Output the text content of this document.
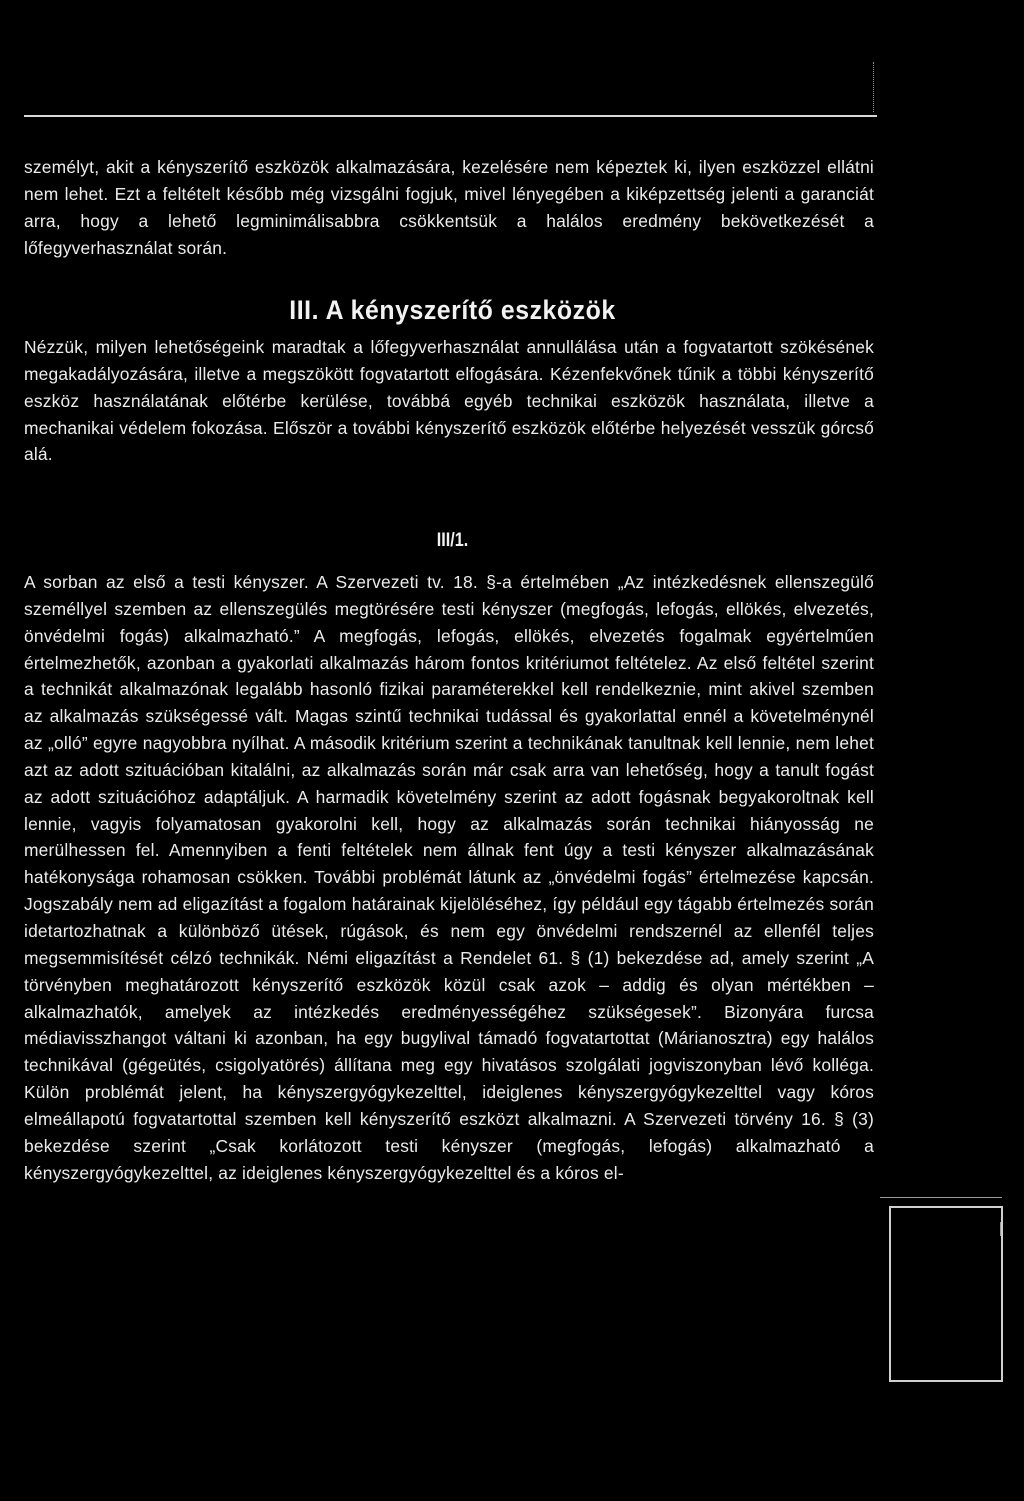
személyt, akit a kényszerítő eszközök alkalmazására, kezelésére nem képeztek ki, ilyen eszközzel ellátni nem lehet. Ezt a feltételt később még vizsgálni fogjuk, mivel lényegében a kiképzettség jelenti a garanciát arra, hogy a lehető legminimálisabbra csökkentsük a halálos eredmény bekövetkezését a lőfegyverhasználat során.

III. A kényszerítő eszközök

Nézzük, milyen lehetőségeink maradtak a lőfegyverhasználat annullálása után a fogvatartott szökésének megakadályozására, illetve a megszökött fogvatartott elfogására. Kézenfekvőnek tűnik a többi kényszerítő eszköz használatának előtérbe kerülése, továbbá egyéb technikai eszközök használata, illetve a mechanikai védelem fokozása. Először a további kényszerítő eszközök előtérbe helyezését vesszük górcső alá.

III/1.

A sorban az első a testi kényszer. A Szervezeti tv. 18. §-a értelmében „Az intézkedésnek ellenszegülő személlyel szemben az ellenszegülés megtörésére testi kényszer (megfogás, lefogás, ellökés, elvezetés, önvédelmi fogás) alkalmazható.” A megfogás, lefogás, ellökés, elvezetés fogalmak egyértelműen értelmezhetők, azonban a gyakorlati alkalmazás három fontos kritériumot feltételez. Az első feltétel szerint a technikát alkalmazónak legalább hasonló fizikai paraméterekkel kell rendelkeznie, mint akivel szemben az alkalmazás szükségessé vált. Magas szintű technikai tudással és gyakorlattal ennél a követelménynél az „olló” egyre nagyobbra nyílhat. A második kritérium szerint a technikának tanultnak kell lennie, nem lehet azt az adott szituációban kitalálni, az alkalmazás során már csak arra van lehetőség, hogy a tanult fogást az adott szituációhoz adaptáljuk. A harmadik követelmény szerint az adott fogásnak begyakoroltnak kell lennie, vagyis folyamatosan gyakorolni kell, hogy az alkalmazás során technikai hiányosság ne merülhessen fel. Amennyiben a fenti feltételek nem állnak fent úgy a testi kényszer alkalmazásának hatékonysága rohamosan csökken. További problémát látunk az „önvédelmi fogás” értelmezése kapcsán. Jogszabály nem ad eligazítást a fogalom határainak kijelöléséhez, így például egy tágabb értelmezés során idetartozhatnak a különböző ütések, rúgások, és nem egy önvédelmi rendszernél az ellenfél teljes megsemmisítését célzó technikák. Némi eligazítást a Rendelet 61. § (1) bekezdése ad, amely szerint „A törvényben meghatározott kényszerítő eszközök közül csak azok – addig és olyan mértékben – alkalmazhatók, amelyek az intézkedés eredményességéhez szükségesek”. Bizonyára furcsa médiavisszhangot váltani ki azonban, ha egy bugylival támadó fogvatartottat (Márianosztra) egy halálos technikával (gégeütés, csigolyatörés) állítana meg egy hivatásos szolgálati jogviszonyban lévő kolléga. Külön problémát jelent, ha kényszergyógykezelttel, ideiglenes kényszergyógykezelttel vagy kóros elmeállapotú fogvatartottal szemben kell kényszerítő eszközt alkalmazni. A Szervezeti törvény 16. § (3) bekezdése szerint „Csak korlátozott testi kényszer (megfogás, lefogás) alkalmazható a kényszergyógykezelttel, az ideiglenes kényszergyógykezelttel és a kóros el-
